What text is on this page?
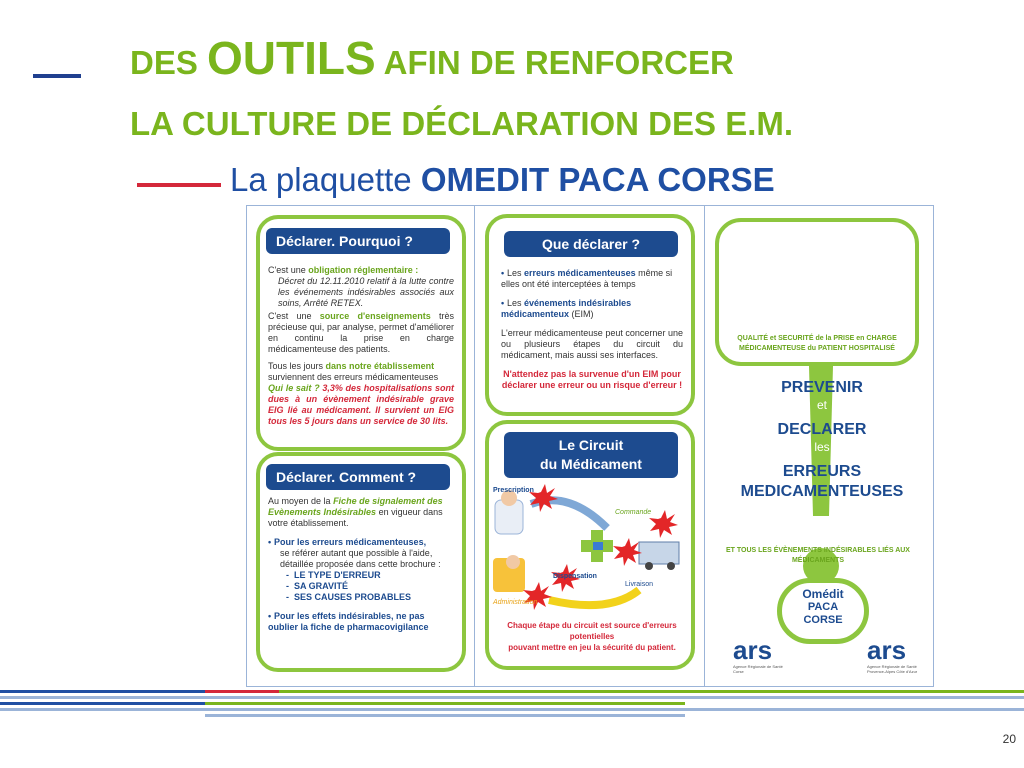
DES OUTILS AFIN DE RENFORCER
LA CULTURE DE DÉCLARATION DES E.M.
La plaquette OMEDIT PACA CORSE
Déclarer. Pourquoi ?
C'est une obligation réglementaire :
Décret du 12.11.2010 relatif à la lutte contre les événements indésirables associés aux soins, Arrêté RETEX.
C'est une source d'enseignements très précieuse qui, par analyse, permet d'améliorer en continu la prise en charge médicamenteuse des patients.
Tous les jours dans notre établissement surviennent des erreurs médicamenteuses
Qui le sait ? 3,3% des hospitalisations sont dues à un évènement indésirable grave EIG lié au médicament. Il survient un EIG tous les 5 jours dans un service de 30 lits.
Déclarer. Comment ?
Au moyen de la Fiche de signalement des Evènements Indésirables en vigueur dans votre établissement.
• Pour les erreurs médicamenteuses,
se référer autant que possible à l'aide, détaillée proposée dans cette brochure :
-  LE TYPE D'ERREUR
-  SA GRAVITÉ
-  SES CAUSES PROBABLES
• Pour les effets indésirables, ne pas oublier la fiche de pharmacovigilance
Que déclarer ?
• Les erreurs médicamenteuses même si elles ont été interceptées à temps
• Les événements indésirables médicamenteux (EIM)
L'erreur médicamenteuse peut concerner une ou plusieurs étapes du circuit du médicament, mais aussi ses interfaces.
N'attendez pas la survenue d'un EIM pour déclarer une erreur ou un risque d'erreur !
Le Circuit
du Médicament
Prescription
Commande
Dispensation
Livraison
Administration
Chaque étape du circuit est source d'erreurs potentielles
pouvant mettre en jeu la sécurité du patient.
QUALITÉ et SECURITÉ de la PRISE en CHARGE MÉDICAMENTEUSE du PATIENT HOSPITALISÉ
PREVENIR
et
DECLARER
les
ERREURS
MEDICAMENTEUSES
ET TOUS LES ÉVÈNEMENTS INDÉSIRABLES LIÉS AUX MÉDICAMENTS
Omédit
PACA
CORSE
ars
Agence Régionale de Santé Corse
ars
Agence Régionale de Santé Provence-Alpes Côte d'Azur
20
